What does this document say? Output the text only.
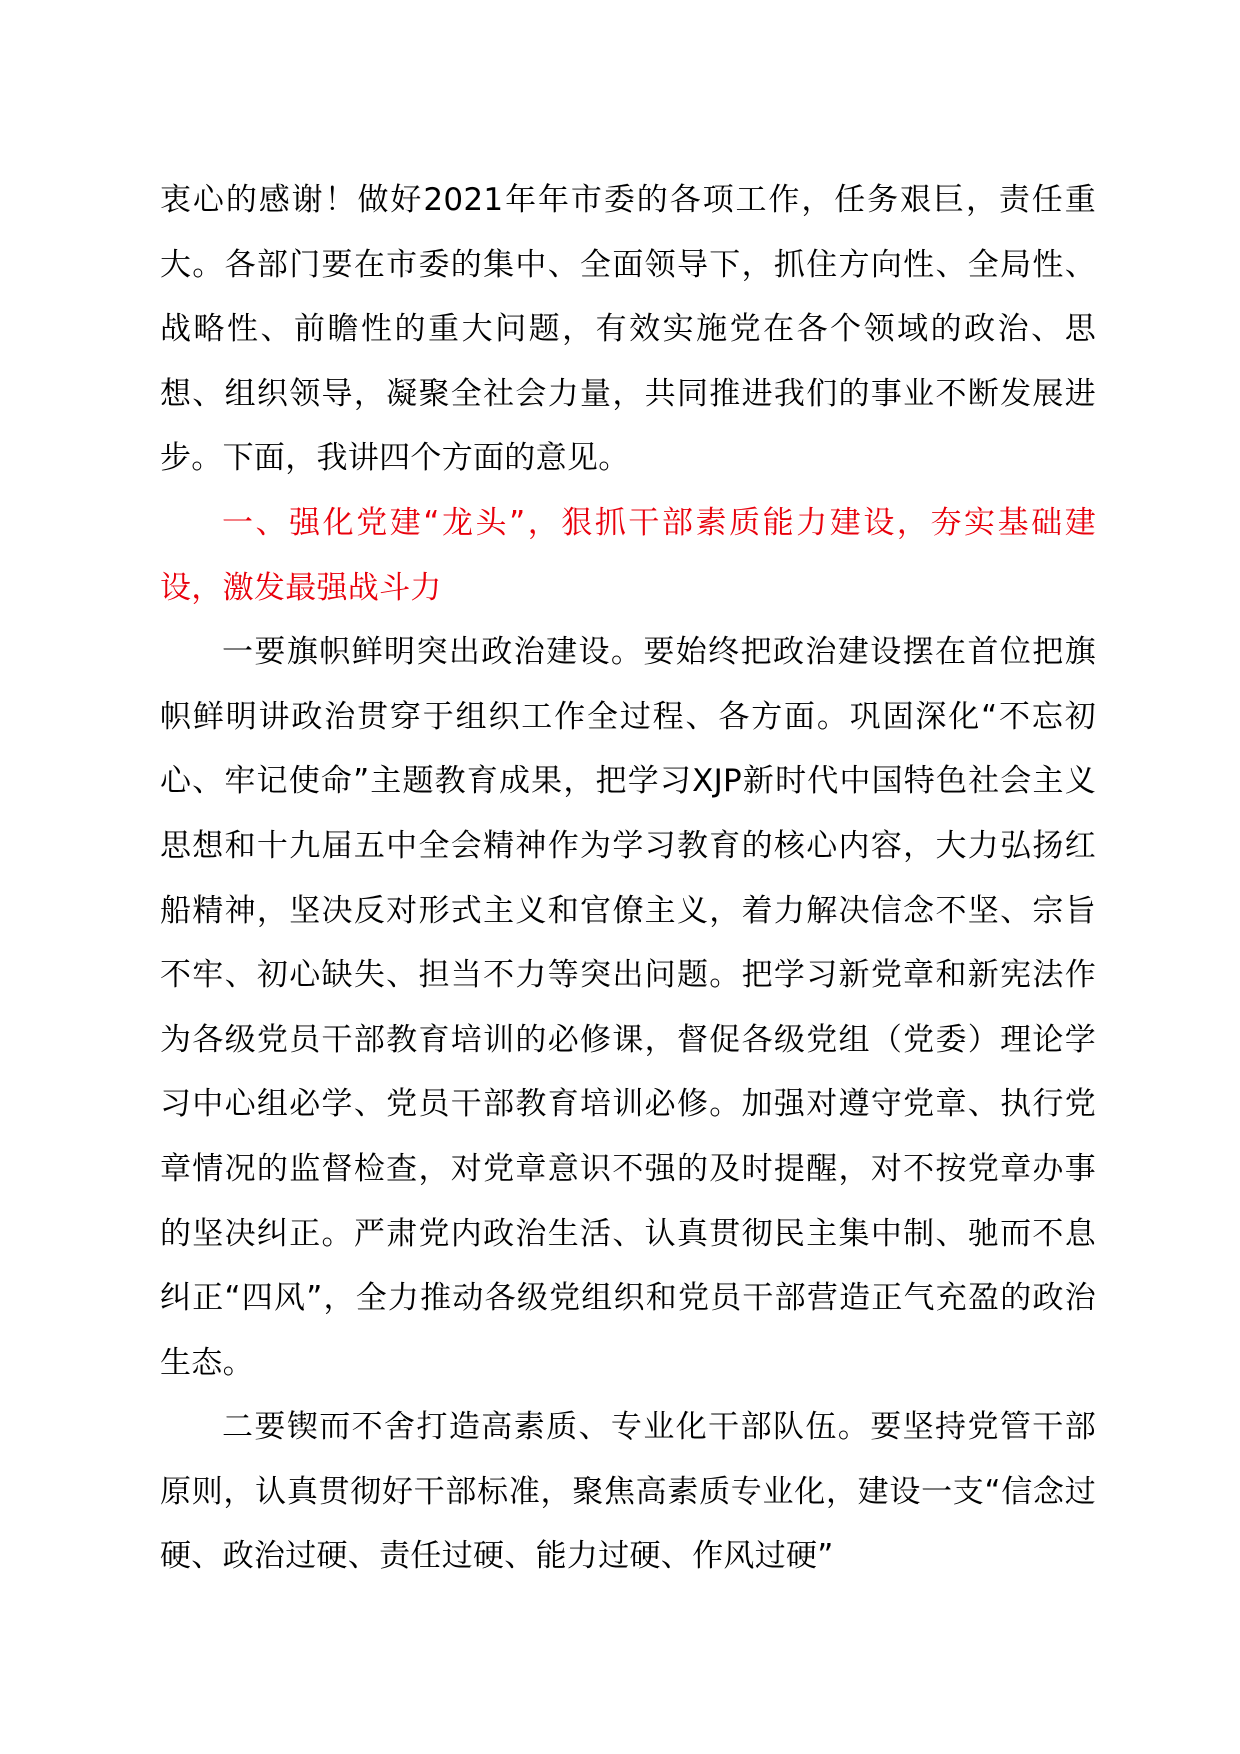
衷心的感谢！做好2021年年市委的各项工作，任务艰巨，责任重大。各部门要在市委的集中、全面领导下，抓住方向性、全局性、战略性、前瞻性的重大问题，有效实施党在各个领域的政治、思想、组织领导，凝聚全社会力量，共同推进我们的事业不断发展进步。下面，我讲四个方面的意见。

一、强化党建“龙头”，狠抓干部素质能力建设，夯实基础建设，激发最强战斗力

一要旗帜鲜明突出政治建设。要始终把政治建设摆在首位把旗帜鲜明讲政治贯穿于组织工作全过程、各方面。巩固深化“不忘初心、牢记使命”主题教育成果，把学习XJP新时代中国特色社会主义思想和十九届五中全会精神作为学习教育的核心内容，大力弘扬红船精神，坚决反对形式主义和官僚主义，着力解决信念不坚、宗旨不牢、初心缺失、担当不力等突出问题。把学习新党章和新宪法作为各级党员干部教育培训的必修课，督促各级党组（党委）理论学习中心组必学、党员干部教育培训必修。加强对遵守党章、执行党章情况的监督检查，对党章意识不强的及时提醒，对不按党章办事的坚决纠正。严肃党内政治生活、认真贯彻民主集中制、驰而不息纠正“四风”，全力推动各级党组织和党员干部营造正气充盈的政治生态。

二要锲而不舍打造高素质、专业化干部队伍。要坚持党管干部原则，认真贯彻好干部标准，聚焦高素质专业化，建设一支“信念过硬、政治过硬、责任过硬、能力过硬、作风过硬”
